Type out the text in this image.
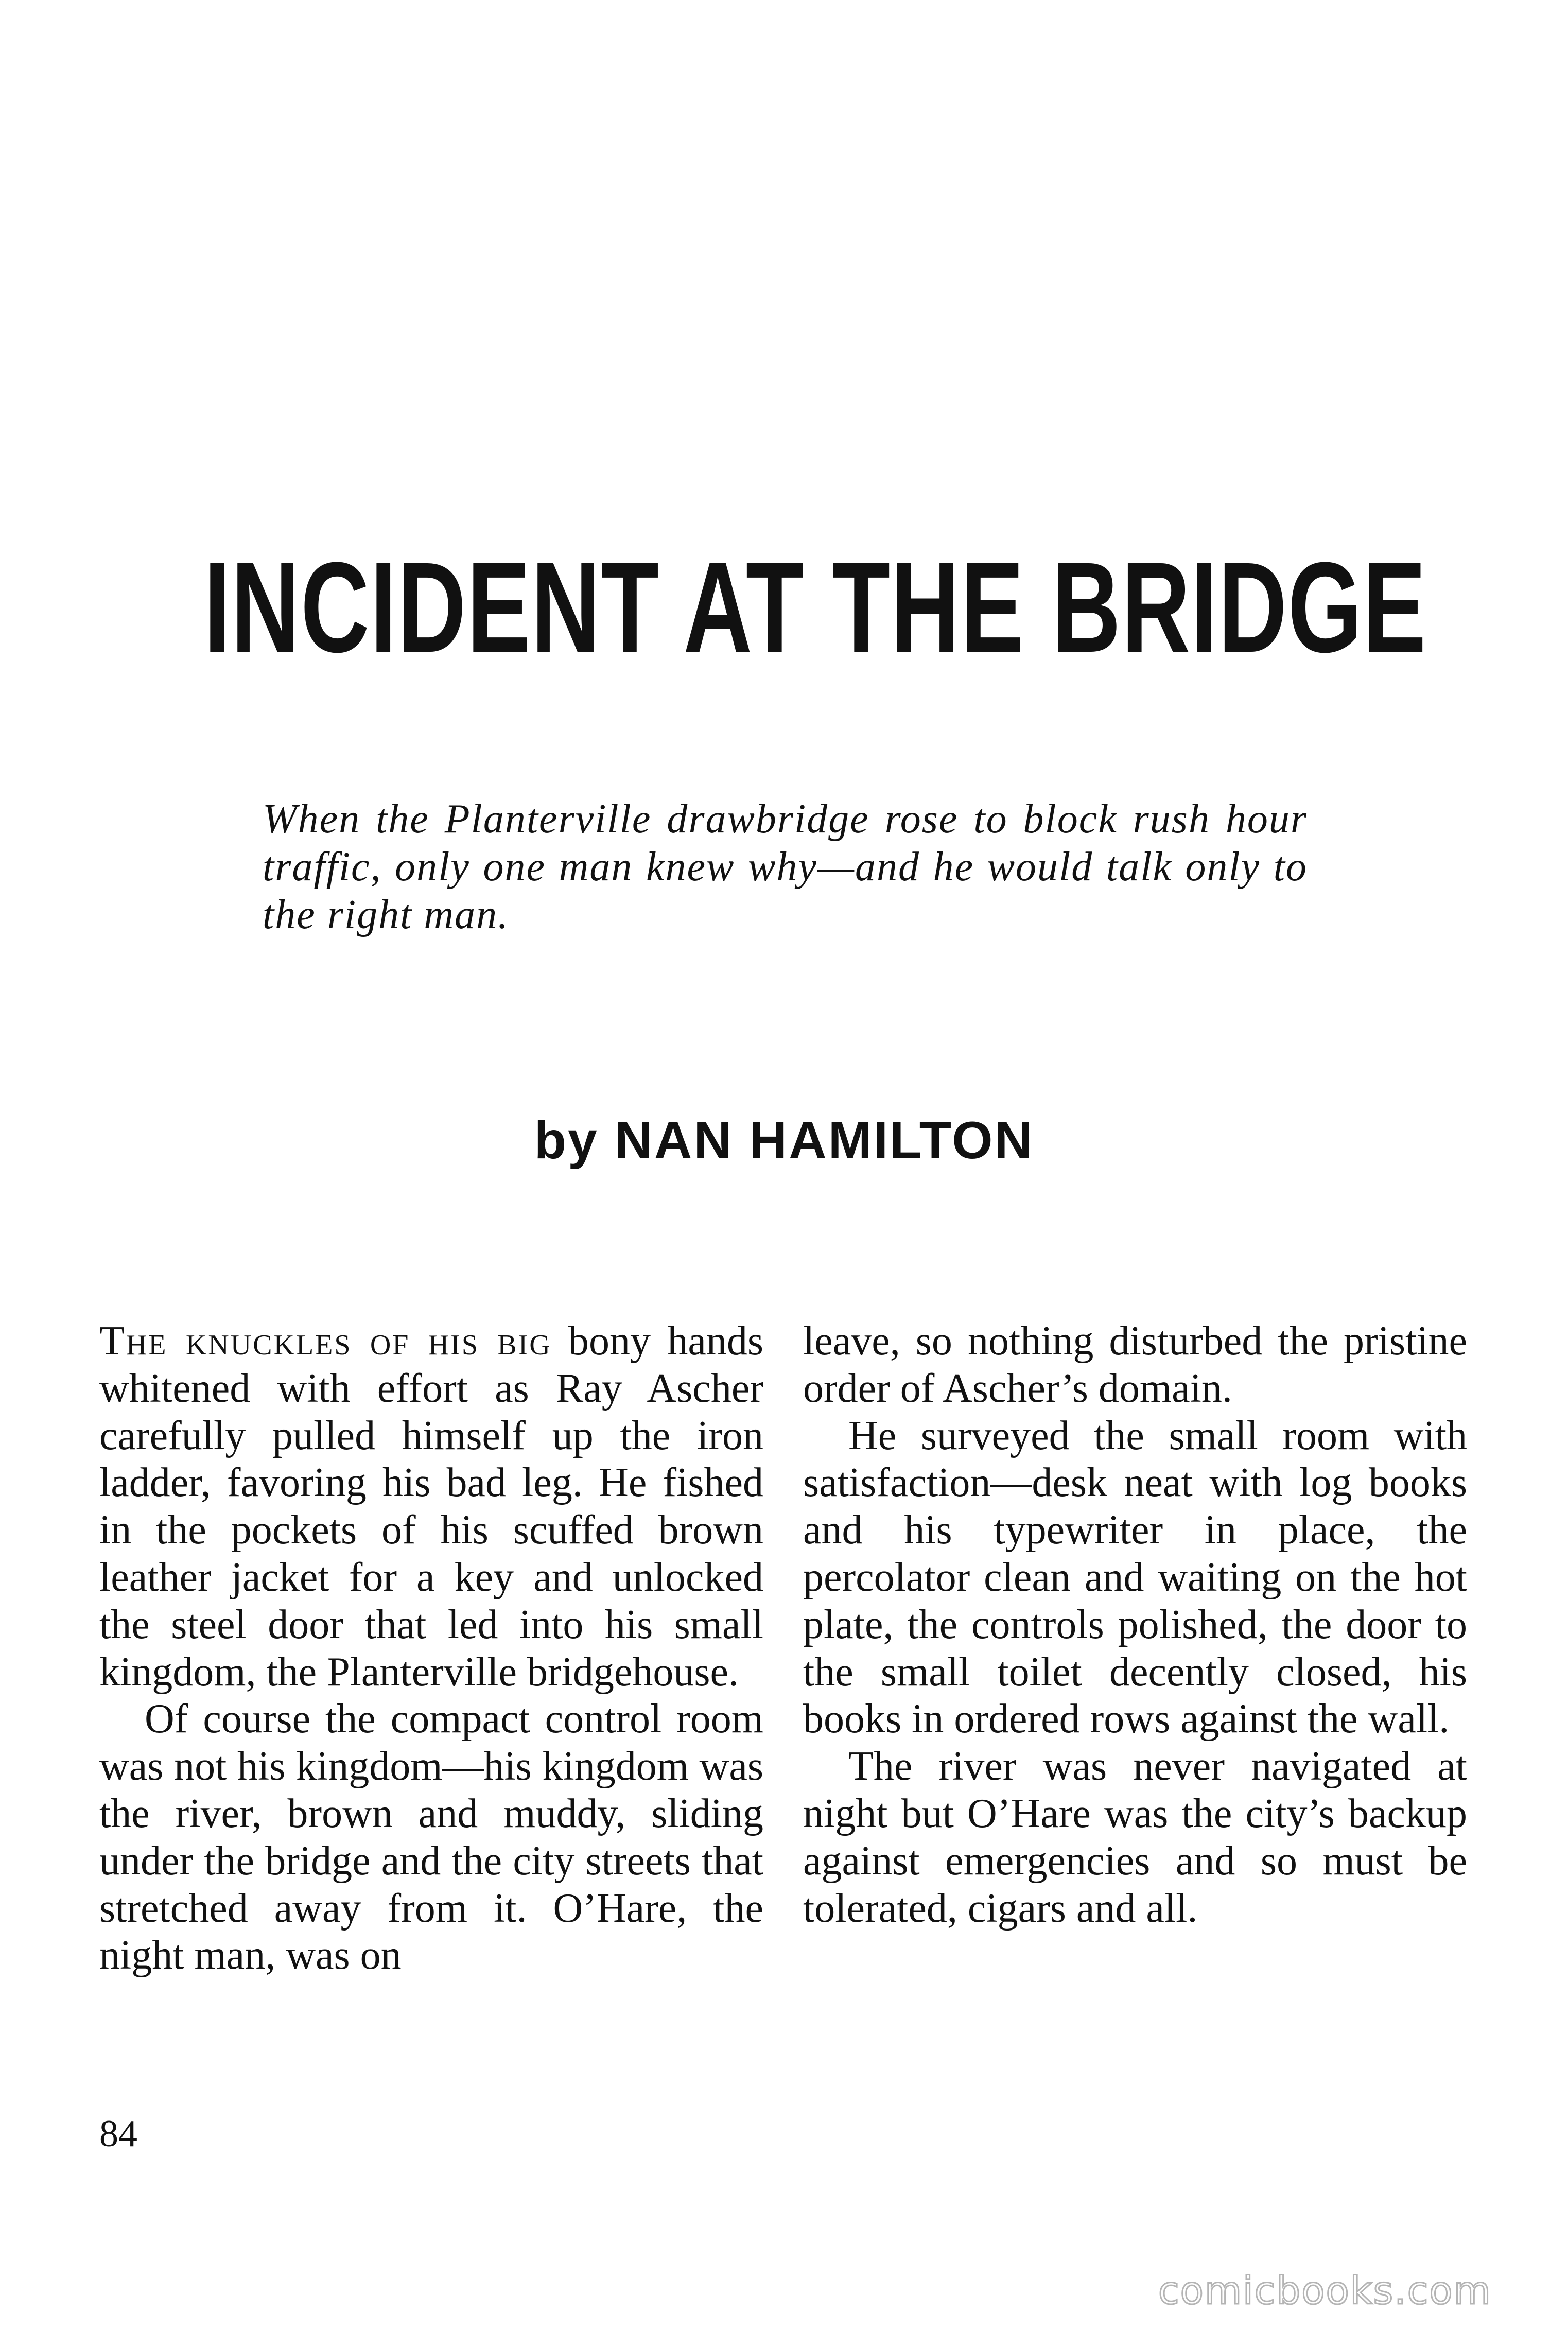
INCIDENT AT THE BRIDGE

When the Planterville drawbridge rose to block rush hour traffic, only one man knew why—and he would talk only to the right man.

by NAN HAMILTON

The knuckles of his big bony hands whitened with effort as Ray Ascher carefully pulled himself up the iron ladder, favoring his bad leg. He fished in the pockets of his scuffed brown leather jacket for a key and unlocked the steel door that led into his small kingdom, the Planterville bridgehouse.

Of course the compact control room was not his kingdom—his kingdom was the river, brown and muddy, sliding under the bridge and the city streets that stretched away from it. O’Hare, the night man, was on

leave, so nothing disturbed the pristine order of Ascher’s domain.

He surveyed the small room with satisfaction—desk neat with log books and his typewriter in place, the percolator clean and waiting on the hot plate, the controls polished, the door to the small toilet decently closed, his books in ordered rows against the wall.

The river was never navigated at night but O’Hare was the city’s backup against emergencies and so must be tolerated, cigars and all.

84

comicbooks.com
